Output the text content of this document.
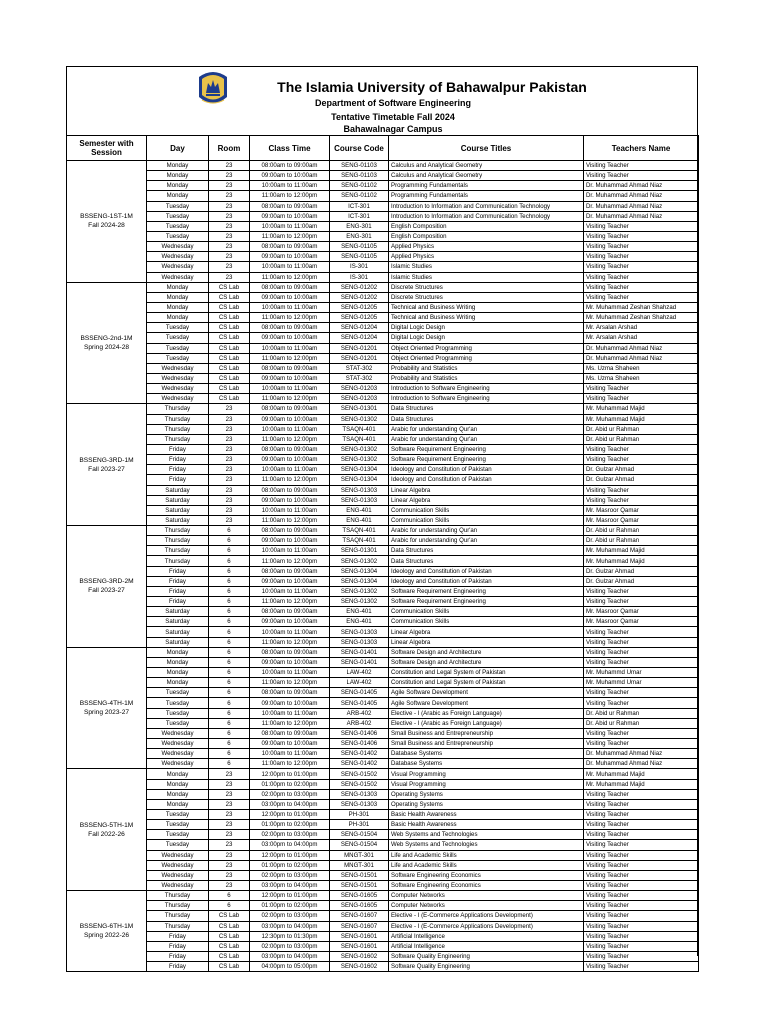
The Islamia University of Bahawalpur Pakistan
Department of Software Engineering
Tentative Timetable Fall 2024
Bahawalnagar Campus
Semester with Session	Day	Room	Class Time	Course Code	Course Titles	Teachers Name
BSSENG-1ST-1M
Fall 2024-28	Monday	23	08:00am to 09:00am	SENG-01103	Calculus and Analytical Geometry	Visiting Teacher
	Monday	23	09:00am to 10:00am	SENG-01103	Calculus and Analytical Geometry	Visiting Teacher
	Monday	23	10:00am to 11:00am	SENG-01102	Programming Fundamentals	Dr. Muhammad Ahmad Niaz
	Monday	23	11:00am to 12:00pm	SENG-01102	Programming Fundamentals	Dr. Muhammad Ahmad Niaz
	Tuesday	23	08:00am to 09:00am	ICT-301	Introduction to Information and Communication Technology	Dr. Muhammad Ahmad Niaz
	Tuesday	23	09:00am to 10:00am	ICT-301	Introduction to Information and Communication Technology	Dr. Muhammad Ahmad Niaz
	Tuesday	23	10:00am to 11:00am	ENG-301	English Composition	Visiting Teacher
	Tuesday	23	11:00am to 12:00pm	ENG-301	English Composition	Visiting Teacher
	Wednesday	23	08:00am to 09:00am	SENG-01105	Applied Physics	Visiting Teacher
	Wednesday	23	09:00am to 10:00am	SENG-01105	Applied Physics	Visiting Teacher
	Wednesday	23	10:00am to 11:00am	IS-301	Islamic Studies	Visiting Teacher
	Wednesday	23	11:00am to 12:00pm	IS-301	Islamic Studies	Visiting Teacher
BSSENG-2nd-1M
Spring 2024-28	Monday	CS Lab	08:00am to 09:00am	SENG-01202	Discrete Structures	Visiting Teacher
	Monday	CS Lab	09:00am to 10:00am	SENG-01202	Discrete Structures	Visiting Teacher
	Monday	CS Lab	10:00am to 11:00am	SENG-01205	Technical and Business Writing	Mr. Muhammad Zeshan Shahzad
	Monday	CS Lab	11:00am to 12:00pm	SENG-01205	Technical and Business Writing	Mr. Muhammad Zeshan Shahzad
	Tuesday	CS Lab	08:00am to 09:00am	SENG-01204	Digital Logic Design	Mr. Arsalan Arshad
	Tuesday	CS Lab	09:00am to 10:00am	SENG-01204	Digital Logic Design	Mr. Arsalan Arshad
	Tuesday	CS Lab	10:00am to 11:00am	SENG-01201	Object Oriented Programming	Dr. Muhammad Ahmad Niaz
	Tuesday	CS Lab	11:00am to 12:00pm	SENG-01201	Object Oriented Programming	Dr. Muhammad Ahmad Niaz
	Wednesday	CS Lab	08:00am to 09:00am	STAT-302	Probability and Statistics	Ms. Uzma Shaheen
	Wednesday	CS Lab	09:00am to 10:00am	STAT-302	Probability and Statistics	Ms. Uzma Shaheen
	Wednesday	CS Lab	10:00am to 11:00am	SENG-01203	Introduction to Software Engineering	Visiting Teacher
	Wednesday	CS Lab	11:00am to 12:00pm	SENG-01203	Introduction to Software Engineering	Visiting Teacher
BSSENG-3RD-1M
Fall 2023-27	Thursday	23	08:00am to 09:00am	SENG-01301	Data Structures	Mr. Muhammad Majid
	Thursday	23	09:00am to 10:00am	SENG-01302	Data Structures	Mr. Muhammad Majid
	Thursday	23	10:00am to 11:00am	TSAQN-401	Arabic for understanding Qur'an	Dr. Abid ur Rahman
	Thursday	23	11:00am to 12:00pm	TSAQN-401	Arabic for understanding Qur'an	Dr. Abid ur Rahman
	Friday	23	08:00am to 09:00am	SENG-01302	Software Requirement Engineering	Visiting Teacher
	Friday	23	09:00am to 10:00am	SENG-01302	Software Requirement Engineering	Visiting Teacher
	Friday	23	10:00am to 11:00am	SENG-01304	Ideology and Constitution of Pakistan	Dr. Gulzar Ahmad
	Friday	23	11:00am to 12:00pm	SENG-01304	Ideology and Constitution of Pakistan	Dr. Gulzar Ahmad
	Saturday	23	08:00am to 09:00am	SENG-01303	Linear Algebra	Visiting Teacher
	Saturday	23	09:00am to 10:00am	SENG-01303	Linear Algebra	Visiting Teacher
	Saturday	23	10:00am to 11:00am	ENG-401	Communication Skills	Mr. Masroor Qamar
	Saturday	23	11:00am to 12:00pm	ENG-401	Communication Skills	Mr. Masroor Qamar
BSSENG-3RD-2M
Fall 2023-27	Thursday	6	08:00am to 09:00am	TSAQN-401	Arabic for understanding Qur'an	Dr. Abid ur Rahman
	Thursday	6	09:00am to 10:00am	TSAQN-401	Arabic for understanding Qur'an	Dr. Abid ur Rahman
	Thursday	6	10:00am to 11:00am	SENG-01301	Data Structures	Mr. Muhammad Majid
	Thursday	6	11:00am to 12:00pm	SENG-01302	Data Structures	Mr. Muhammad Majid
	Friday	6	08:00am to 09:00am	SENG-01304	Ideology and Constitution of Pakistan	Dr. Gulzar Ahmad
	Friday	6	09:00am to 10:00am	SENG-01304	Ideology and Constitution of Pakistan	Dr. Gulzar Ahmad
	Friday	6	10:00am to 11:00am	SENG-01302	Software Requirement Engineering	Visiting Teacher
	Friday	6	11:00am to 12:00pm	SENG-01302	Software Requirement Engineering	Visiting Teacher
	Saturday	6	08:00am to 09:00am	ENG-401	Communication Skills	Mr. Masroor Qamar
	Saturday	6	09:00am to 10:00am	ENG-401	Communication Skills	Mr. Masroor Qamar
	Saturday	6	10:00am to 11:00am	SENG-01303	Linear Algebra	Visiting Teacher
	Saturday	6	11:00am to 12:00pm	SENG-01303	Linear Algebra	Visiting Teacher
BSSENG-4TH-1M
Spring 2023-27	Monday	6	08:00am to 09:00am	SENG-01401	Software Design and Architecture	Visiting Teacher
	Monday	6	09:00am to 10:00am	SENG-01401	Software Design and Architecture	Visiting Teacher
	Monday	6	10:00am to 11:00am	LAW-402	Constitution and Legal System of Pakistan	Mr. Muhammd Umar
	Monday	6	11:00am to 12:00pm	LAW-402	Constitution and Legal System of Pakistan	Mr. Muhammd Umar
	Tuesday	6	08:00am to 09:00am	SENG-01405	Agile Software Development	Visiting Teacher
	Tuesday	6	09:00am to 10:00am	SENG-01405	Agile Software Development	Visiting Teacher
	Tuesday	6	10:00am to 11:00am	ARB-402	Elective - I (Arabic as Foreign Language)	Dr. Abid ur Rahman
	Tuesday	6	11:00am to 12:00pm	ARB-402	Elective - I (Arabic as Foreign Language)	Dr. Abid ur Rahman
	Wednesday	6	08:00am to 09:00am	SENG-01406	Small Business and Entrepreneurship	Visiting Teacher
	Wednesday	6	09:00am to 10:00am	SENG-01406	Small Business and Entrepreneurship	Visiting Teacher
	Wednesday	6	10:00am to 11:00am	SENG-01402	Database Systems	Dr. Muhammad Ahmad Niaz
	Wednesday	6	11:00am to 12:00pm	SENG-01402	Database Systems	Dr. Muhammad Ahmad Niaz
BSSENG-5TH-1M
Fall 2022-26	Monday	23	12:00pm to 01:00pm	SENG-01502	Visual Programming	Mr. Muhammad Majid
	Monday	23	01:00pm to 02:00pm	SENG-01502	Visual Programming	Mr. Muhammad Majid
	Monday	23	02:00pm to 03:00pm	SENG-01303	Operating Systems	Visiting Teacher
	Monday	23	03:00pm to 04:00pm	SENG-01303	Operating Systems	Visiting Teacher
	Tuesday	23	12:00pm to 01:00pm	PH-301	Basic Health Awareness	Visiting Teacher
	Tuesday	23	01:00pm to 02:00pm	PH-301	Basic Health Awareness	Visiting Teacher
	Tuesday	23	02:00pm to 03:00pm	SENG-01504	Web Systems and Technologies	Visiting Teacher
	Tuesday	23	03:00pm to 04:00pm	SENG-01504	Web Systems and Technologies	Visiting Teacher
	Wednesday	23	12:00pm to 01:00pm	MNGT-301	Life and Academic Skills	Visiting Teacher
	Wednesday	23	01:00pm to 02:00pm	MNGT-301	Life and Academic Skills	Visiting Teacher
	Wednesday	23	02:00pm to 03:00pm	SENG-01501	Software Engineering Economics	Visiting Teacher
	Wednesday	23	03:00pm to 04:00pm	SENG-01501	Software Engineering Economics	Visiting Teacher
BSSENG-6TH-1M
Spring 2022-26	Thursday	6	12:00pm to 01:00pm	SENG-01605	Computer Networks	Visiting Teacher
	Thursday	6	01:00pm to 02:00pm	SENG-01605	Computer Networks	Visiting Teacher
	Thursday	CS Lab	02:00pm to 03:00pm	SENG-01607	Elective - I (E-Commerce Applications Development)	Visiting Teacher
	Thursday	CS Lab	03:00pm to 04:00pm	SENG-01607	Elective - I (E-Commerce Applications Development)	Visiting Teacher
	Friday	CS Lab	12:30pm to 01:30pm	SENG-01601	Artificial Intelligence	Visiting Teacher
	Friday	CS Lab	02:00pm to 03:00pm	SENG-01601	Artificial Intelligence	Visiting Teacher
	Friday	CS Lab	03:00pm to 04:00pm	SENG-01602	Software Quality Engineering	Visiting Teacher
	Friday	CS Lab	04:00pm to 05:00pm	SENG-01602	Software Quality Engineering	Visiting Teacher
